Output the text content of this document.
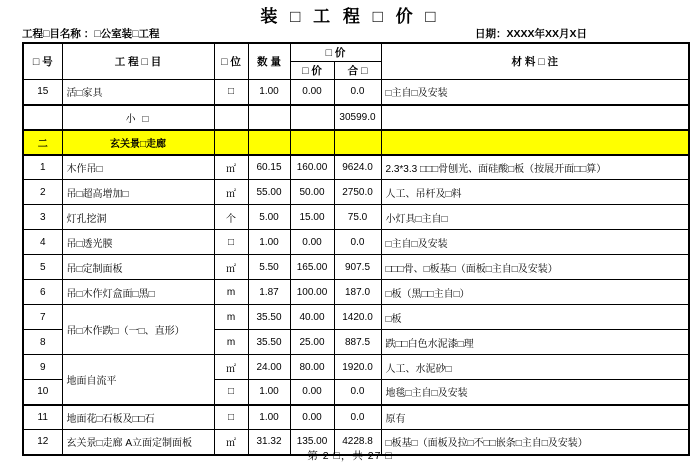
装 □ 工 程 □ 价 □
工程□目名称 ：□公室装□工程	日期：XXXX年XX月X日
□ 号	工 程 □ 目	□ 位	数 量	□ 价		材 料 □ 注
				□ 价	合 □	
15	活□家具	□	1.00	0.00	0.0	□主自□及安装
	小 □				30599.0	
二	玄关景□走廊					
1	木作吊□	㎡	60.15	160.00	9624.0	2.3*3.3 □□□骨刨光、面硅酸□板（按展开面□□算）
2	吊□超高增加□	㎡	55.00	50.00	2750.0	人工、吊杆及□料
3	灯孔挖洞	个	5.00	15.00	75.0	小灯具□主自□
4	吊□透光膜	□	1.00	0.00	0.0	□主自□及安装
5	吊□定制面板	㎡	5.50	165.00	907.5	□□□骨、□板基□（面板□主自□及安装）
6	吊□木作灯盒面□黑□	m	1.87	100.00	187.0	□板（黑□□主自□）
7	吊□木作跌□（一□、直形）	m	35.50	40.00	1420.0	□板
8		m	35.50	25.00	887.5	跌□□白色水泥漆□理
9	地面自流平	㎡	24.00	80.00	1920.0	人工、水泥砂□
10		□	1.00	0.00	0.0	地毯□主自□及安装
11	地面花□石板及□□石	□	1.00	0.00	0.0	原有
12	玄关景□走廊 A立面定制面板	㎡	31.32	135.00	4228.8	□板基□（面板及拉□不□□嵌条□主自□及安装）
第 2 □，共 27 □
